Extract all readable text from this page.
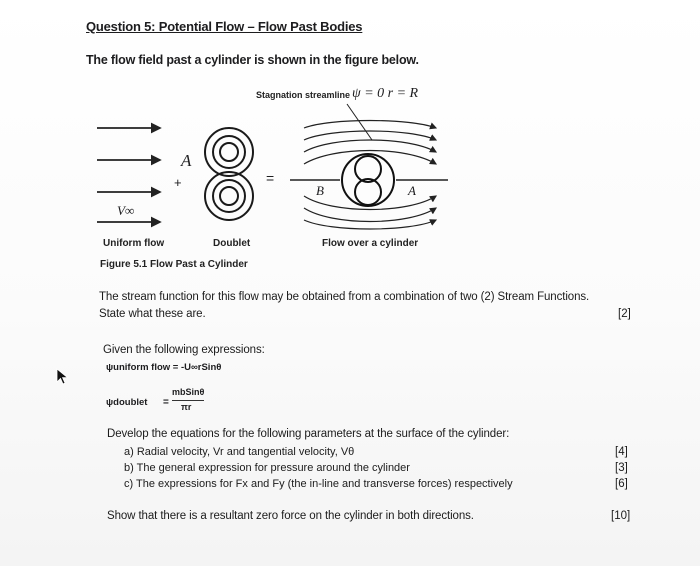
Question 5: Potential Flow – Flow Past Bodies
The flow field past a cylinder is shown in the figure below.
Stagnation streamline ψ = 0 r = R
V∞
A
+	=
B	A
Uniform flow	Doublet	Flow over a cylinder
Figure 5.1 Flow Past a Cylinder
The stream function for this flow may be obtained from a combination of two (2) Stream Functions.
State what these are.	[2]
Given the following expressions:
ψuniform flow = -U∞rSinθ
ψdoublet =
mbSinθ
πr
Develop the equations for the following parameters at the surface of the cylinder:
a) Radial velocity, Vr and tangential velocity, Vθ	[4]
b) The general expression for pressure around the cylinder	[3]
c) The expressions for Fx and Fy (the in-line and transverse forces) respectively	[6]
Show that there is a resultant zero force on the cylinder in both directions.	[10]
